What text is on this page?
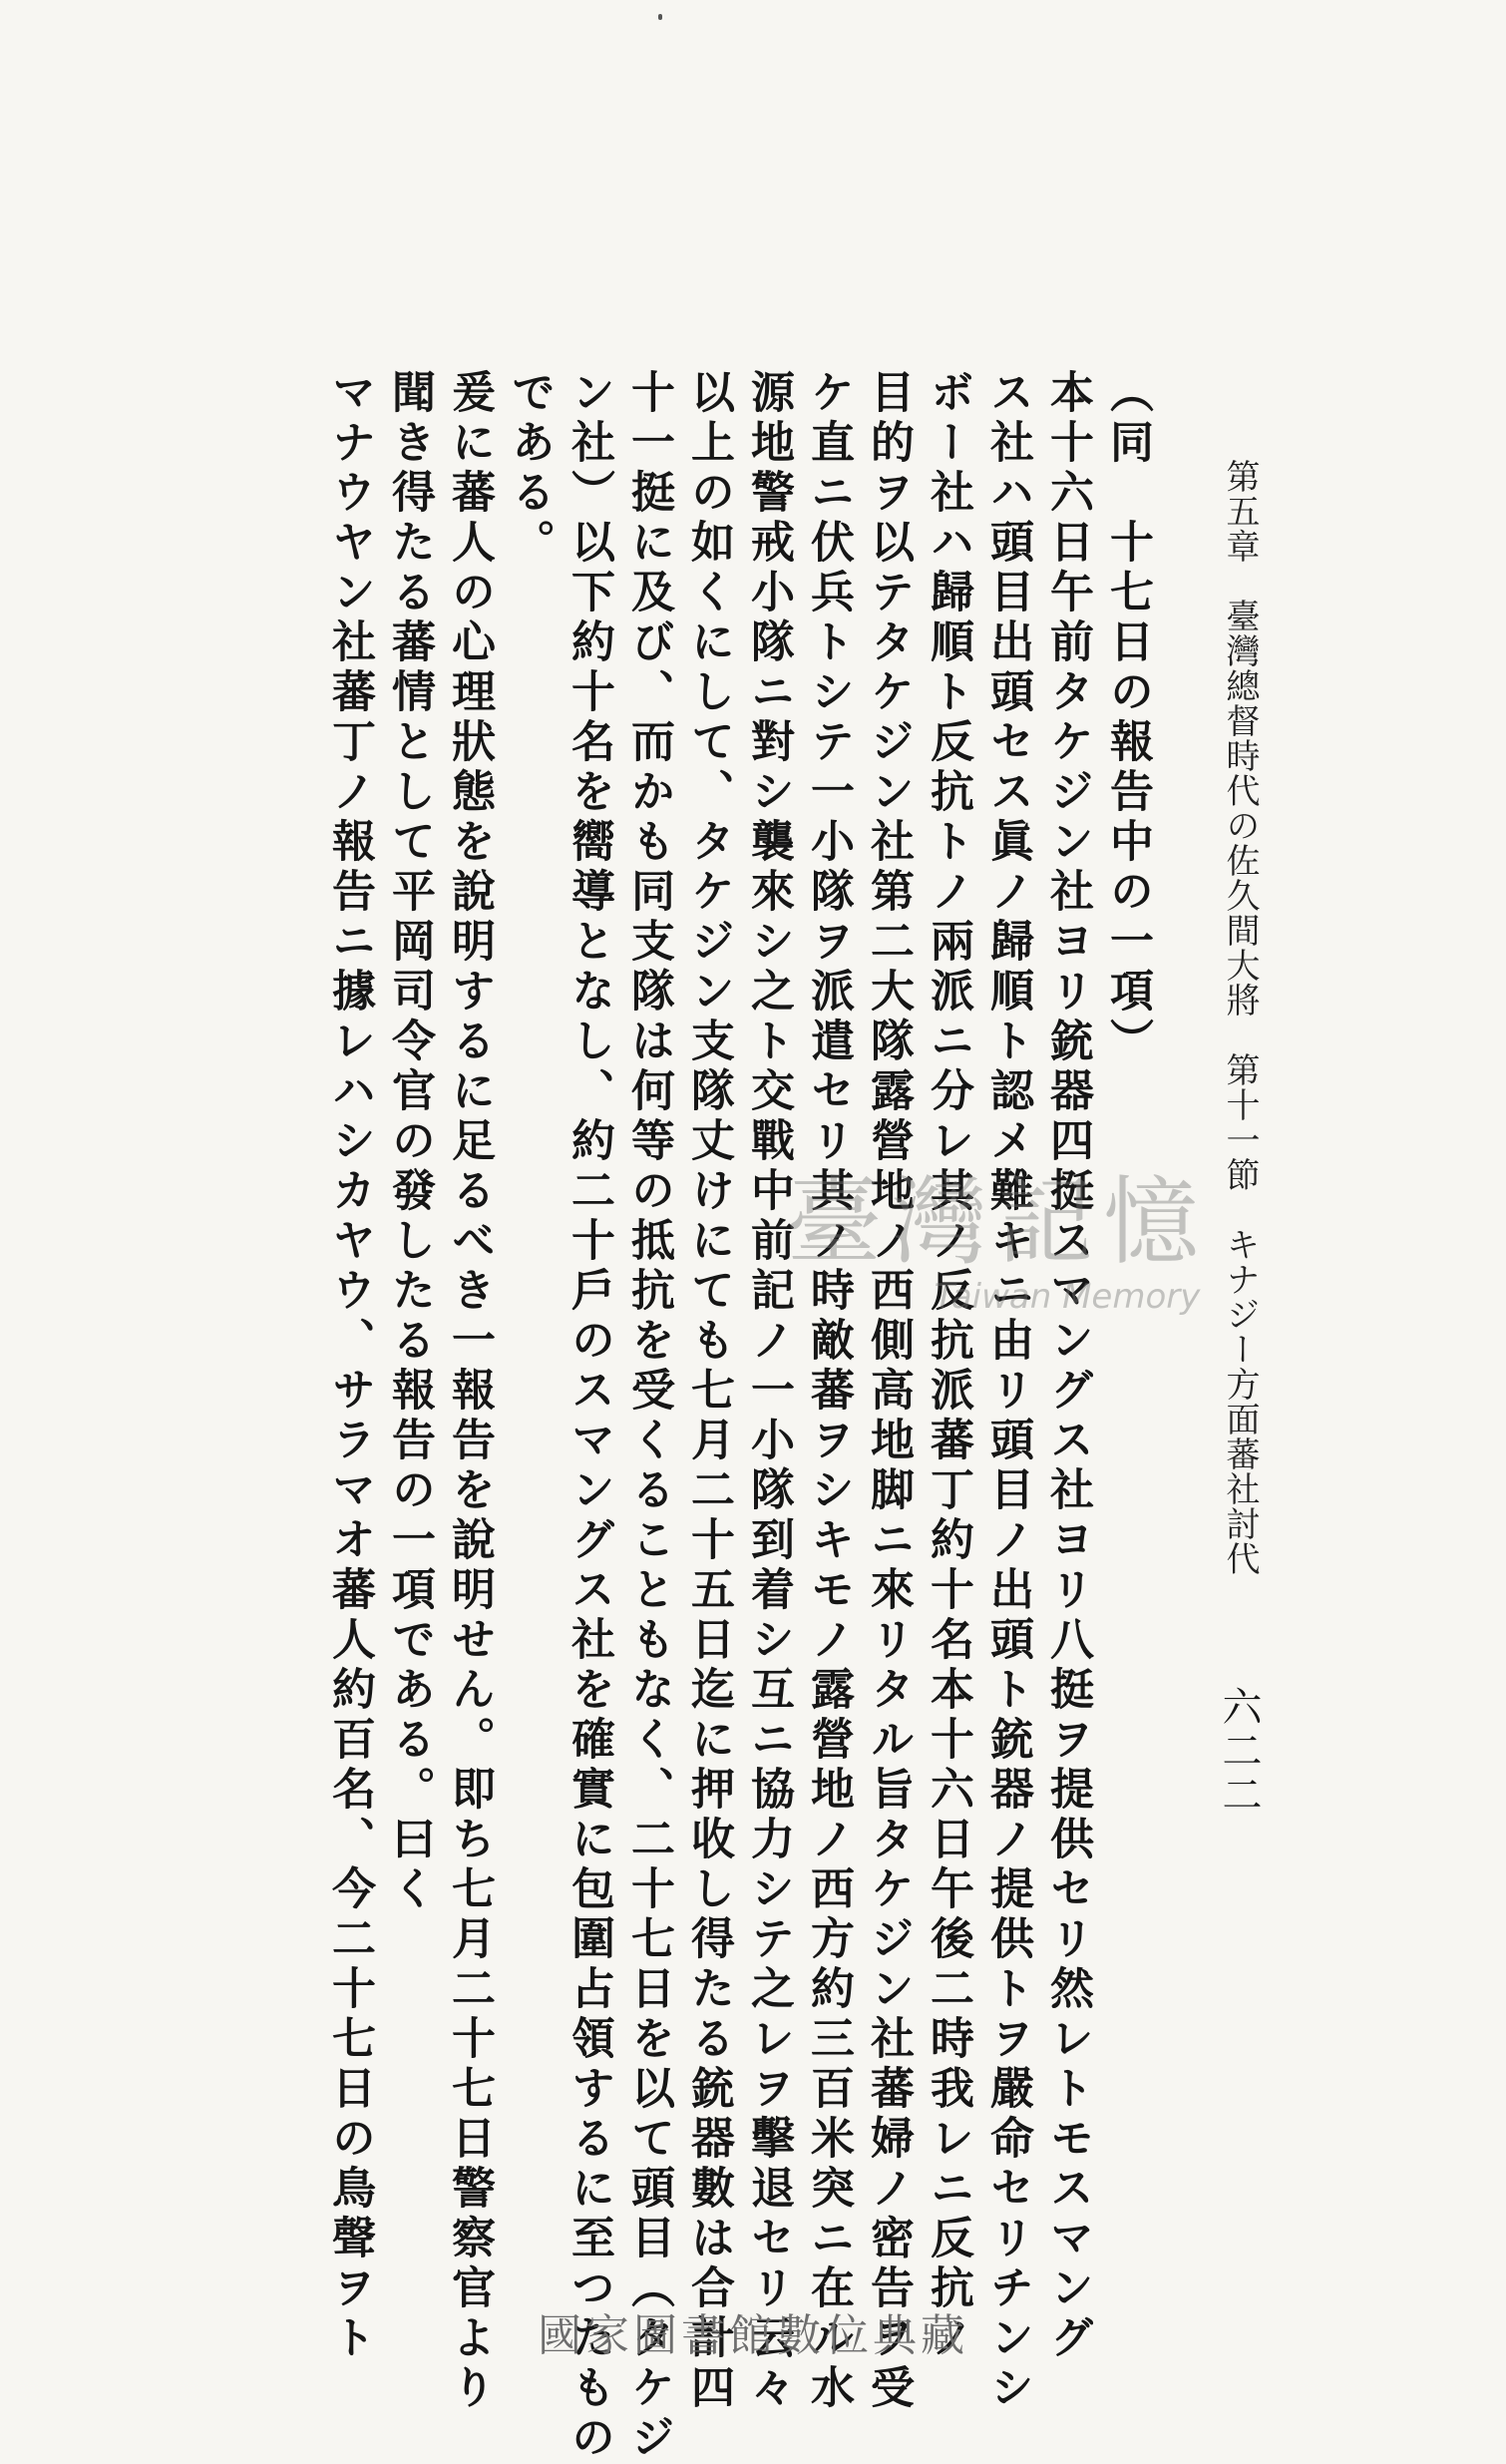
第五章　臺灣總督時代の佐久間大將　第十一節　キナジー方面蕃社討代
六二二
（同　十七日の報告中の一項）
本十六日午前タケジン社ヨリ銃器四挺スマングス社ヨリ八挺ヲ提供セリ然レトモスマング
ス社ハ頭目出頭セス眞ノ歸順ト認メ難キニ由リ頭目ノ出頭ト銃器ノ提供トヲ嚴命セリチンシ
ボー社ハ歸順ト反抗トノ兩派ニ分レ其ノ反抗派蕃丁約十名本十六日午後二時我レニ反抗ノ
目的ヲ以テタケジン社第二大隊露營地ノ西側高地脚ニ來リタル旨タケジン社蕃婦ノ密告ヲ受
ケ直ニ伏兵トシテ一小隊ヲ派遣セリ其ノ時敵蕃ヲシキモノ露營地ノ西方約三百米突ニ在ル水
源地警戒小隊ニ對シ襲來シ之ト交戰中前記ノ一小隊到着シ互ニ協力シテ之レヲ擊退セリ云々
以上の如くにして、タケジン支隊丈けにても七月二十五日迄に押收し得たる銃器數は合計四
十一挺に及び、而かも同支隊は何等の抵抗を受くることもなく、二十七日を以て頭目（タケジ
ン社）以下約十名を嚮導となし、約二十戶のスマングス社を確實に包圍占領するに至つたもの
である。
爰に蕃人の心理狀態を說明するに足るべき一報告を說明せん。即ち七月二十七日警察官より
聞き得たる蕃情として平岡司令官の發したる報告の一項である。曰く
マナウヤン社蕃丁ノ報告ニ據レハシカヤウ、サラマオ蕃人約百名、今二十七日の鳥聲ヲト	臺灣記憶
Taiwan Memory
國家圖書館數位典藏
